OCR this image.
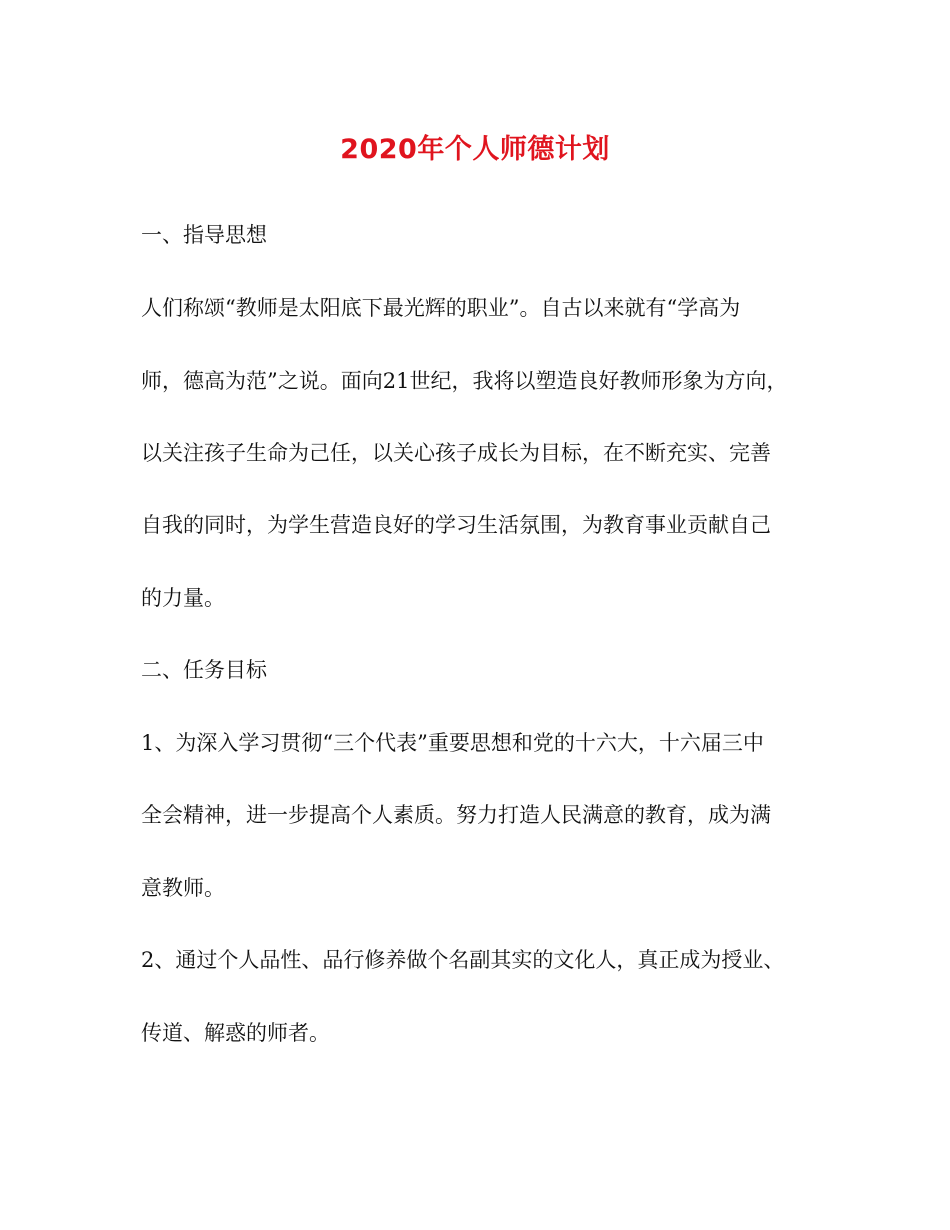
2020年个人师德计划
一、指导思想
人们称颂“教师是太阳底下最光辉的职业”。自古以来就有“学高为
师，德高为范”之说。面向21世纪，我将以塑造良好教师形象为方向，
以关注孩子生命为己任，以关心孩子成长为目标，在不断充实、完善
自我的同时，为学生营造良好的学习生活氛围，为教育事业贡献自己
的力量。
二、任务目标
1、为深入学习贯彻“三个代表”重要思想和党的十六大，十六届三中
全会精神，进一步提高个人素质。努力打造人民满意的教育，成为满
意教师。
2、通过个人品性、品行修养做个名副其实的文化人，真正成为授业、
传道、解惑的师者。
